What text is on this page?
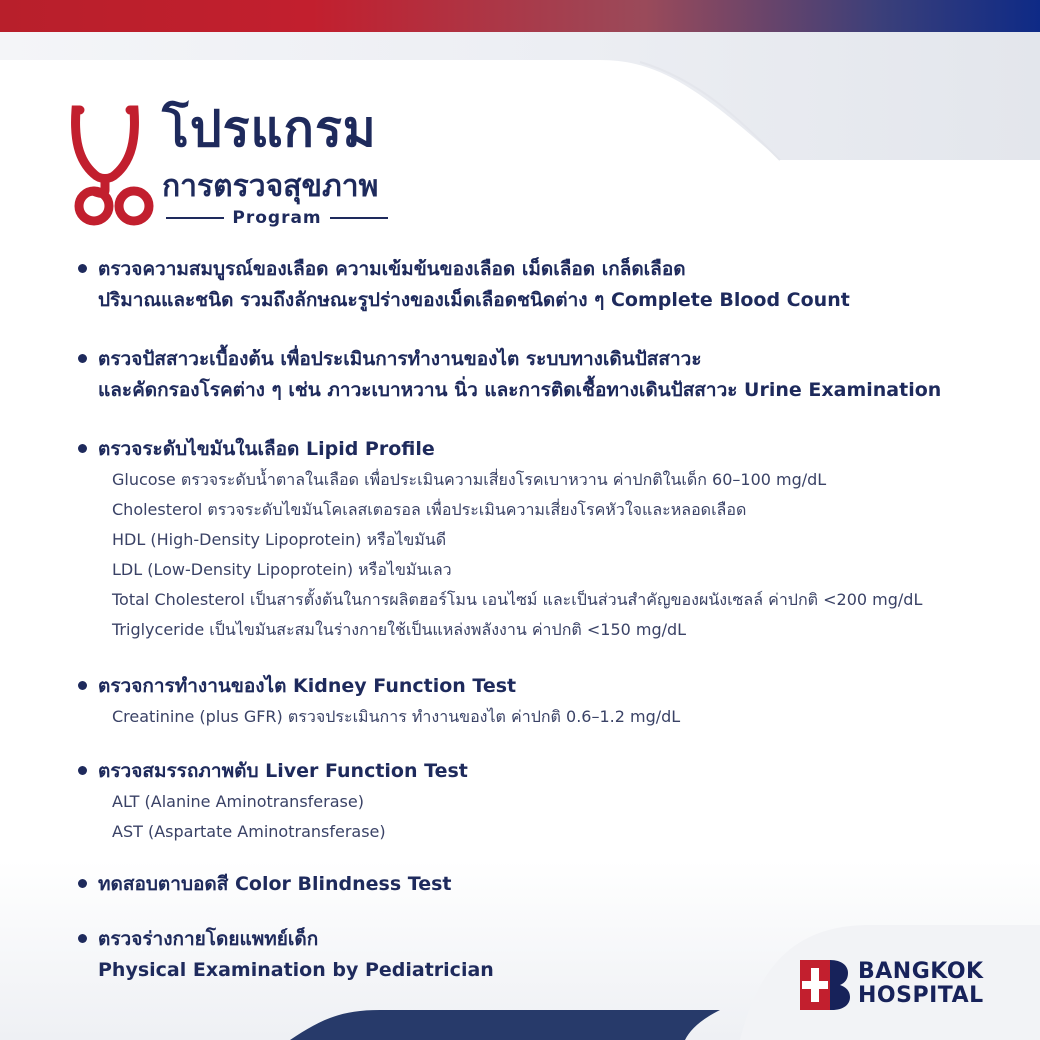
โปรแกรม
การตรวจสุขภาพ
Program
ตรวจความสมบูรณ์ของเลือด ความเข้มข้นของเลือด เม็ดเลือด เกล็ดเลือด
ปริมาณและชนิด รวมถึงลักษณะรูปร่างของเม็ดเลือดชนิดต่าง ๆ Complete Blood Count
ตรวจปัสสาวะเบื้องต้น เพื่อประเมินการทำงานของไต ระบบทางเดินปัสสาวะ
และคัดกรองโรคต่าง ๆ เช่น ภาวะเบาหวาน นิ่ว และการติดเชื้อทางเดินปัสสาวะ Urine Examination
ตรวจระดับไขมันในเลือด Lipid Profile
Glucose ตรวจระดับน้ำตาลในเลือด เพื่อประเมินความเสี่ยงโรคเบาหวาน ค่าปกติในเด็ก 60–100 mg/dL
Cholesterol ตรวจระดับไขมันโคเลสเตอรอล เพื่อประเมินความเสี่ยงโรคหัวใจและหลอดเลือด
HDL (High-Density Lipoprotein) หรือไขมันดี
LDL (Low-Density Lipoprotein) หรือไขมันเลว
Total Cholesterol เป็นสารตั้งต้นในการผลิตฮอร์โมน เอนไซม์ และเป็นส่วนสำคัญของผนังเซลล์ ค่าปกติ <200 mg/dL
Triglyceride เป็นไขมันสะสมในร่างกายใช้เป็นแหล่งพลังงาน ค่าปกติ <150 mg/dL
ตรวจการทำงานของไต Kidney Function Test
Creatinine (plus GFR) ตรวจประเมินการ ทำงานของไต ค่าปกติ 0.6–1.2 mg/dL
ตรวจสมรรถภาพตับ Liver Function Test
ALT (Alanine Aminotransferase)
AST (Aspartate Aminotransferase)
ทดสอบตาบอดสี Color Blindness Test
ตรวจร่างกายโดยแพทย์เด็ก
Physical Examination by Pediatrician	BANGKOK
HOSPITAL
